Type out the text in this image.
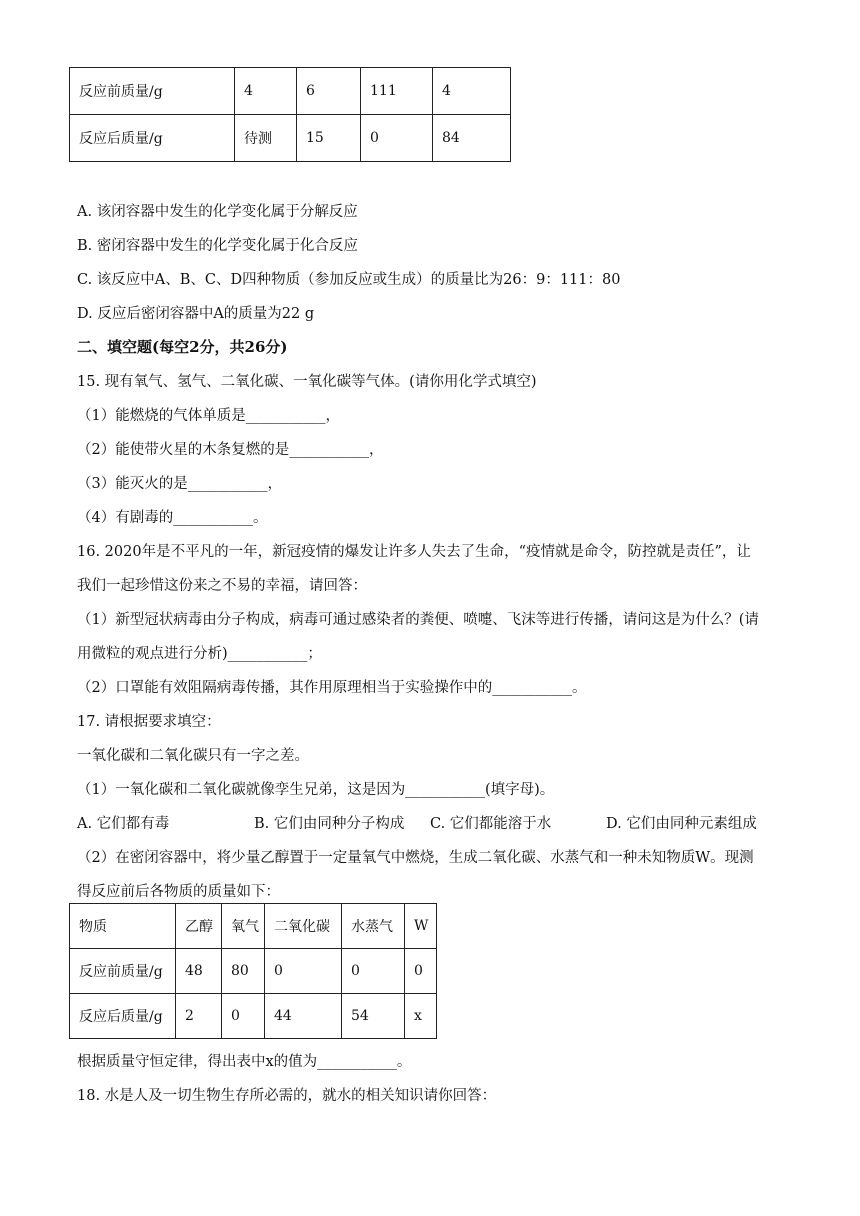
反应前质量/g	4	6	111	4
反应后质量/g	待测	15	0	84
A. 该闭容器中发生的化学变化属于分解反应
B. 密闭容器中发生的化学变化属于化合反应
C. 该反应中A、B、C、D四种物质（参加反应或生成）的质量比为26：9：111：80
D. 反应后密闭容器中A的质量为22 g
二、填空题(每空2分，共26分)
15. 现有氧气、氢气、二氧化碳、一氧化碳等气体。(请你用化学式填空)
（1）能燃烧的气体单质是___________，
（2）能使带火星的木条复燃的是___________，
（3）能灭火的是___________，
（4）有剧毒的___________。
16. 2020年是不平凡的一年，新冠疫情的爆发让许多人失去了生命，“疫情就是命令，防控就是责任”，让
我们一起珍惜这份来之不易的幸福，请回答：
（1）新型冠状病毒由分子构成，病毒可通过感染者的粪便、喷嚏、飞沫等进行传播，请问这是为什么？(请
用微粒的观点进行分析)___________；
（2）口罩能有效阻隔病毒传播，其作用原理相当于实验操作中的___________。
17. 请根据要求填空：
一氧化碳和二氧化碳只有一字之差。
（1）一氧化碳和二氧化碳就像孪生兄弟，这是因为___________(填字母)。
A. 它们都有毒	B. 它们由同种分子构成 C. 它们都能溶于水	D. 它们由同种元素组成
（2）在密闭容器中，将少量乙醇置于一定量氧气中燃烧，生成二氧化碳、水蒸气和一种未知物质W。现测
得反应前后各物质的质量如下：
物质	乙醇	氧气	二氧化碳	水蒸气	W
反应前质量/g	48	80	0	0	0
反应后质量/g	2	0	44	54	x
根据质量守恒定律，得出表中x的值为___________。
18. 水是人及一切生物生存所必需的，就水的相关知识请你回答：
